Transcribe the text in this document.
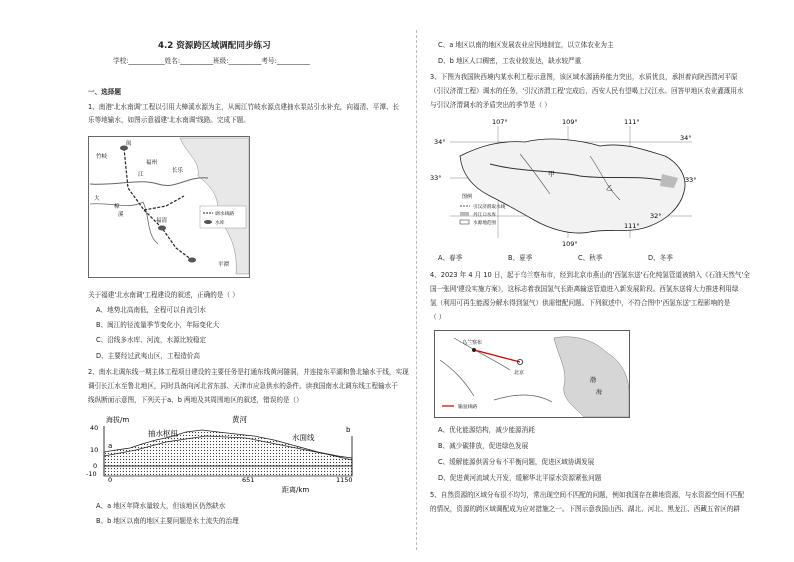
4.2 资源跨区域调配同步练习
学校:___________姓名:__________班级:__________考号:__________
一、选择题
1、南港'北水南调'工程以引用大樟溪水源为主，从闽江竹岐水源点建抽水泵站引水补充，向福清、平潭、长
乐等地输水，如图示意福建'北水南调'线路。完成下题。
闽
竹岐
福州
江
长乐
大
樟
溪
福清
平潭
调水线路
水库
关于福建'北水南调'工程建设的叙述，正确的是（ ）
A、地势北高南低，全程可以自流引水
B、闽江的径流量季节变化小，年际变化大
C、沿线多水库、河流，水源比较稳定
D、主要经过武夷山区，工程造价高
2、南水北调东线一期主体工程项目建设的主要任务是打通东线黄河隧洞，并连接东平湖和鲁北输水干线，实现
调引长江水至鲁北地区，同时具备向河北省东部、天津市应急供水的条件。读我国南水北调东线工程输水干
线纵断面示意图，下列关于a、b 两地及其周围地区的叙述，错误的是（）
海拔/m
40
10
0
-10
0	651	1150
距离/km
抽水枢纽
黄河
水面线
a
b
A、a 地区年降水量较大，但该地区仍然缺水
B、b 地区以南的地区主要问题是水土流失的治理
C、a 地区以南的地区发展农业应因地制宜，以立体农业为主
D、b 地区人口稠密，工农业较发达，缺水较严重
3、下图为我国陕西境内某水利工程示意图，该区域水源涵养能力突出，水质优良，承担着向陕西渭河平原
（引汉济渭工程）调水的任务，'引汉济渭工程'完成后，西安人民有望喝上汉江水。回答甲地区农业灌溉用水
与引汉济渭调水的矛盾突出的季节是（ ）
甲
乙
107°	109°	111°
109°
111°
34°	34°
33°	33°
32°
图例
引汉济渭取水线
丹江口水库
水源地范围
A、春季	B、夏季	C、秋季	D、冬季
4、2023 年 4 月 10 日，起于乌兰察布市，经到北京市燕山的'西氢东送'石化纯氢管道被纳入《石油天然气'全
国一张网'建设实施方案》，这标志着我国氢气长距离输送管道进入新发展阶段。西氢东送将大力推进利用绿
氢（利用可再生能源分解水得到氢气）供需错配问题。下列叙述中，不符合图中'西氢东送'工程影响的是
（ ）
乌兰察布
北京
渤
海
输氢线路
A、优化能源结构，减少能源消耗
B、减少碳排放，促进绿色发展
C、缓解能源供需分布不平衡问题，促进区域协调发展
D、促进黄河流域大开发，缓解华北平原水资源紧张问题
5、自然资源的区域分布很不均匀，常出现空间不匹配的问题，例如我国存在耕地资源，与水资源空间不匹配
的情况，资源的跨区域调配成为应对措施之一。下图示意我国山西、湖北、河北、黑龙江、西藏五省区的耕
